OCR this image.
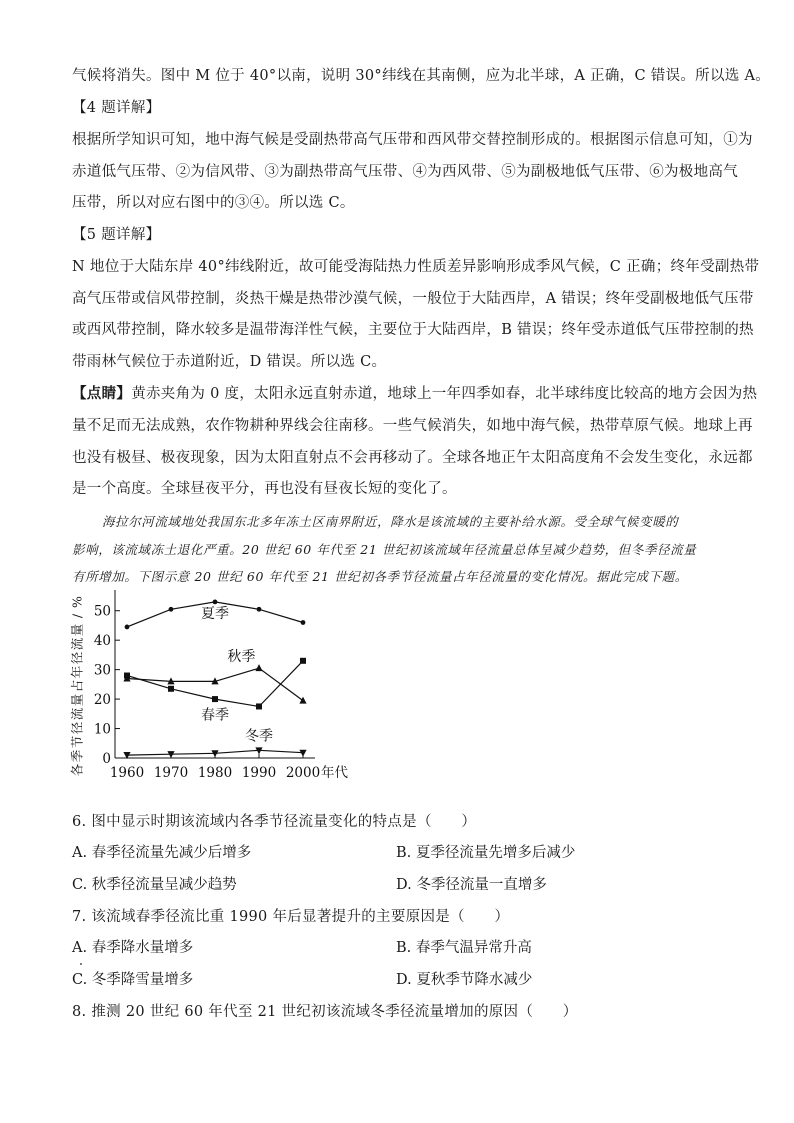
气候将消失。图中 M 位于 40°以南，说明 30°纬线在其南侧，应为北半球，A 正确，C 错误。所以选 A。
【4 题详解】
根据所学知识可知，地中海气候是受副热带高气压带和西风带交替控制形成的。根据图示信息可知，①为
赤道低气压带、②为信风带、③为副热带高气压带、④为西风带、⑤为副极地低气压带、⑥为极地高气
压带，所以对应右图中的③④。所以选 C。
【5 题详解】
N 地位于大陆东岸 40°纬线附近，故可能受海陆热力性质差异影响形成季风气候，C 正确；终年受副热带
高气压带或信风带控制，炎热干燥是热带沙漠气候，一般位于大陆西岸，A 错误；终年受副极地低气压带
或西风带控制，降水较多是温带海洋性气候，主要位于大陆西岸，B 错误；终年受赤道低气压带控制的热
带雨林气候位于赤道附近，D 错误。所以选 C。
【点睛】黄赤夹角为 0 度，太阳永远直射赤道，地球上一年四季如春，北半球纬度比较高的地方会因为热
量不足而无法成熟，农作物耕种界线会往南移。一些气候消失，如地中海气候，热带草原气候。地球上再
也没有极昼、极夜现象，因为太阳直射点不会再移动了。全球各地正午太阳高度角不会发生变化，永远都
是一个高度。全球昼夜平分，再也没有昼夜长短的变化了。
海拉尔河流域地处我国东北多年冻土区南界附近，降水是该流域的主要补给水源。受全球气候变暖的
影响，该流域冻土退化严重。20 世纪 60 年代至 21 世纪初该流域年径流量总体呈减少趋势，但冬季径流量
有所增加。下图示意 20 世纪 60 年代至 21 世纪初各季节径流量占年径流量的变化情况。据此完成下题。
各
季
节
径
流
量
占
年
径
流
量
/
%
0
10
20
30
40
50
1960 1970 1980 1990 2000 年代
夏季
秋季
春季
冬季
6. 图中显示时期该流域内各季节径流量变化的特点是（　　）
A. 春季径流量先减少后增多	B. 夏季径流量先增多后减少
C. 秋季径流量呈减少趋势	D. 冬季径流量一直增多
7. 该流域春季径流比重 1990 年后显著提升的主要原因是（　　）
A. 春季降水量增多	B. 春季气温异常升高
C. 冬季降雪量增多	D. 夏秋季节降水减少
8. 推测 20 世纪 60 年代至 21 世纪初该流域冬季径流量增加的原因（　　）
